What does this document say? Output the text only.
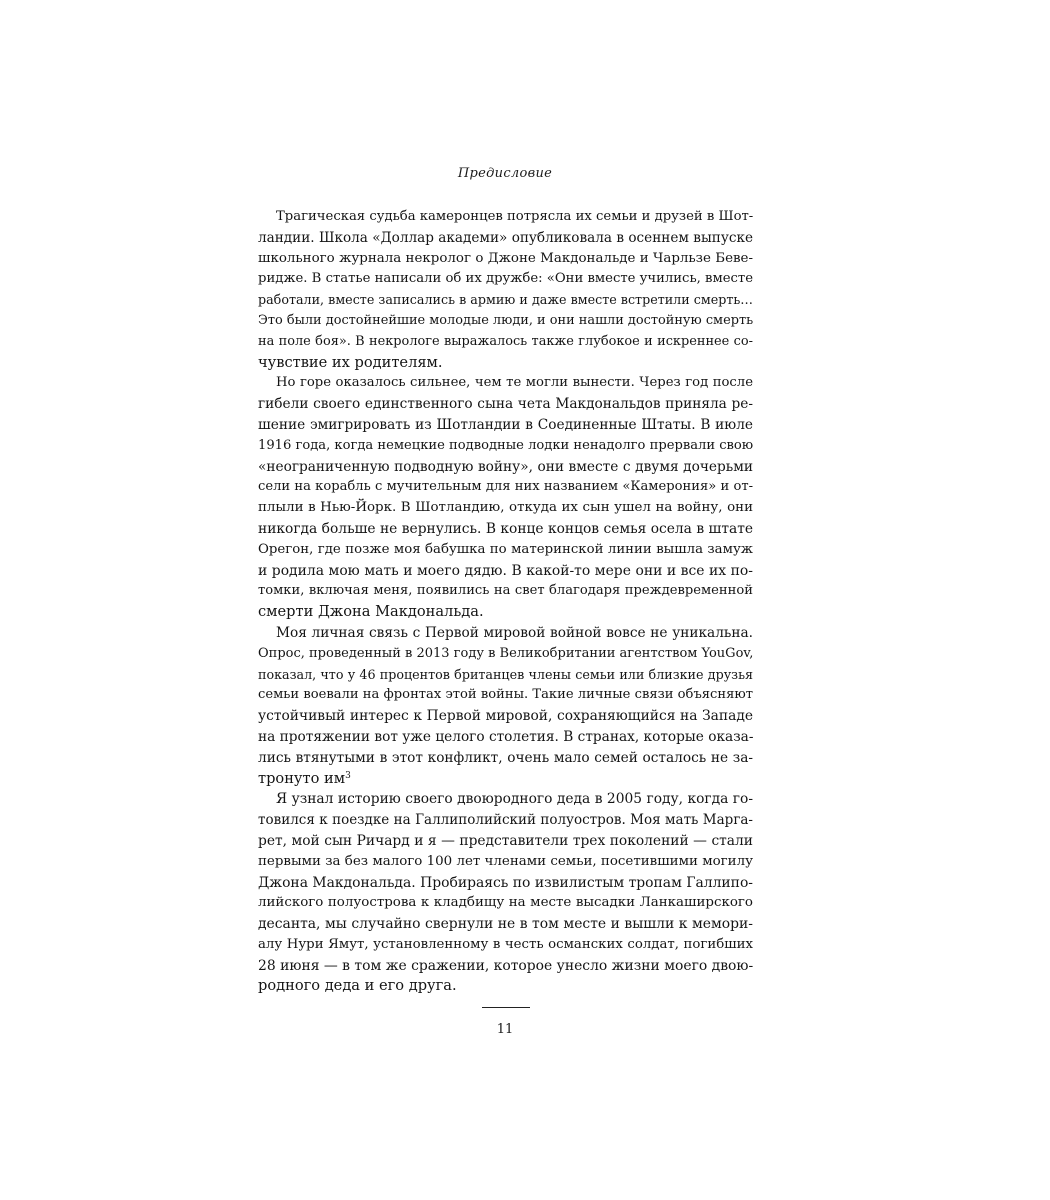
Предисловие
Трагическая судьба камеронцев потрясла их семьи и друзей в Шот-
ландии. Школа «Доллар академи» опубликовала в осеннем выпуске
школьного журнала некролог о Джоне Макдональде и Чарльзе Беве-
ридже. В статье написали об их дружбе: «Они вместе учились, вместе
работали, вместе записались в армию и даже вместе встретили смерть…
Это были достойнейшие молодые люди, и они нашли достойную смерть
на поле боя». В некрологе выражалось также глубокое и искреннее со-
чувствие их родителям.
Но горе оказалось сильнее, чем те могли вынести. Через год после
гибели своего единственного сына чета Макдональдов приняла ре-
шение эмигрировать из Шотландии в Соединенные Штаты. В июле
1916 года, когда немецкие подводные лодки ненадолго прервали свою
«неограниченную подводную войну», они вместе с двумя дочерьми
сели на корабль с мучительным для них названием «Камерония» и от-
плыли в Нью-Йорк. В Шотландию, откуда их сын ушел на войну, они
никогда больше не вернулись. В конце концов семья осела в штате
Орегон, где позже моя бабушка по материнской линии вышла замуж
и родила мою мать и моего дядю. В какой-то мере они и все их по-
томки, включая меня, появились на свет благодаря преждевременной
смерти Джона Макдональда.
Моя личная связь с Первой мировой войной вовсе не уникальна.
Опрос, проведенный в 2013 году в Великобритании агентством YouGov,
показал, что у 46 процентов британцев члены семьи или близкие друзья
семьи воевали на фронтах этой войны. Такие личные связи объясняют
устойчивый интерес к Первой мировой, сохраняющийся на Западе
на протяжении вот уже целого столетия. В странах, которые оказа-
лись втянутыми в этот конфликт, очень мало семей осталось не за-
тронуто им$^3$
Я узнал историю своего двоюродного деда в 2005 году, когда го-
товился к поездке на Галлиполийский полуостров. Моя мать Марга-
рет, мой сын Ричард и я — представители трех поколений — стали
первыми за без малого 100 лет членами семьи, посетившими могилу
Джона Макдональда. Пробираясь по извилистым тропам Галлипо-
лийского полуострова к кладбищу на месте высадки Ланкаширского
десанта, мы случайно свернули не в том месте и вышли к мемори-
алу Нури Ямут, установленному в честь османских солдат, погибших
28 июня — в том же сражении, которое унесло жизни моего двою-
родного деда и его друга.
11
